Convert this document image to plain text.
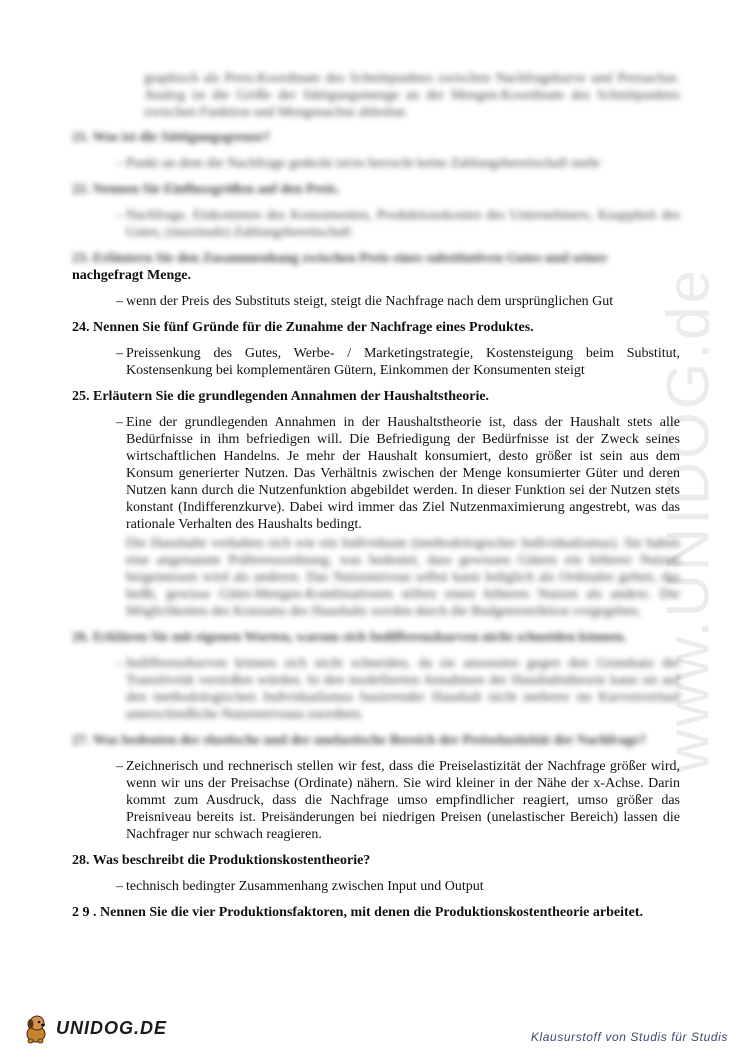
www.UNIDOG.de

graphisch als Preis-Koordinate des Schnittpunktes zwischen Nachfragekurve und Preisachse. Analog ist die Größe der Sättigungsmenge an der Mengen-Koordinate des Schnittpunktes zwischen Funktion und Mengenachse ablesbar.

21. Was ist die Sättigungsgrenze?

– Punkt an dem die Nachfrage gedeckt ist/es herrscht keine Zahlungsbereitschaft mehr

22. Nennen Sie Einflussgrößen auf den Preis.

– Nachfrage, Einkommen des Konsumenten, Produktionskosten des Unternehmers, Knappheit des Gutes, (maximale) Zahlungsbereitschaft

23. Erläutern Sie den Zusammenhang zwischen Preis eines substitutiven Gutes und seiner
nachgefragt Menge.

– wenn der Preis des Substituts steigt, steigt die Nachfrage nach dem ursprünglichen Gut

24. Nennen Sie fünf Gründe für die Zunahme der Nachfrage eines Produktes.

– Preissenkung des Gutes, Werbe- / Marketingstrategie, Kostensteigung beim Substitut, Kostensenkung bei komplementären Gütern, Einkommen der Konsumenten steigt

25. Erläutern Sie die grundlegenden Annahmen der Haushaltstheorie.

– Eine der grundlegenden Annahmen in der Haushaltstheorie ist, dass der Haushalt stets alle Bedürfnisse in ihm befriedigen will. Die Befriedigung der Bedürfnisse ist der Zweck seines wirtschaftlichen Handelns. Je mehr der Haushalt konsumiert, desto größer ist sein aus dem Konsum generierter Nutzen. Das Verhältnis zwischen der Menge konsumierter Güter und deren Nutzen kann durch die Nutzenfunktion abgebildet werden. In dieser Funktion sei der Nutzen stets konstant (Indifferenzkurve). Dabei wird immer das Ziel Nutzenmaximierung angestrebt, was das rationale Verhalten des Haushalts bedingt.

Die Haushalte verhalten sich wie ein Individuum (methodologischer Individualismus). Sie haben eine angenannte Präferenzordnung, was bedeutet, dass gewissen Gütern ein höherer Nutzen beigemessen wird als anderen. Das Nutzenniveau selbst kann lediglich als Ordinales gelten, das heißt, gewisse Güter-Mengen-Kombinationen stiften einen höheren Nutzen als andere. Die Möglichkeiten des Konsums des Haushalts werden durch die Budgetrestriktion vorgegeben.

26. Erklären Sie mit eigenen Worten, warum sich Indifferenzkurven nicht schneiden können.

– Indifferenzkurven können sich nicht schneiden, da sie ansonsten gegen den Grundsatz der Transitivität verstoßen würden. In den modellierten Annahmen der Haushaltstheorie kann sie auf den methodologischen Individualismus basierender Haushalt nicht mehrere im Kurvenverlauf unterschiedliche Nutzenniveaus zuordnen.

27. Was bedeuten der elastische und der unelastische Bereich der Preiselastizität der Nachfrage?

– Zeichnerisch und rechnerisch stellen wir fest, dass die Preiselastizität der Nachfrage größer wird, wenn wir uns der Preisachse (Ordinate) nähern. Sie wird kleiner in der Nähe der x-Achse. Darin kommt zum Ausdruck, dass die Nachfrage umso empfindlicher reagiert, umso größer das Preisniveau bereits ist. Preisänderungen bei niedrigen Preisen (unelastischer Bereich) lassen die Nachfrager nur schwach reagieren.

28. Was beschreibt die Produktionskostentheorie?

– technisch bedingter Zusammenhang zwischen Input und Output

2 9 . Nennen Sie die vier Produktionsfaktoren, mit denen die Produktionskostentheorie arbeitet.

UNIDOG.DE	Klausurstoff von Studis für Studis
